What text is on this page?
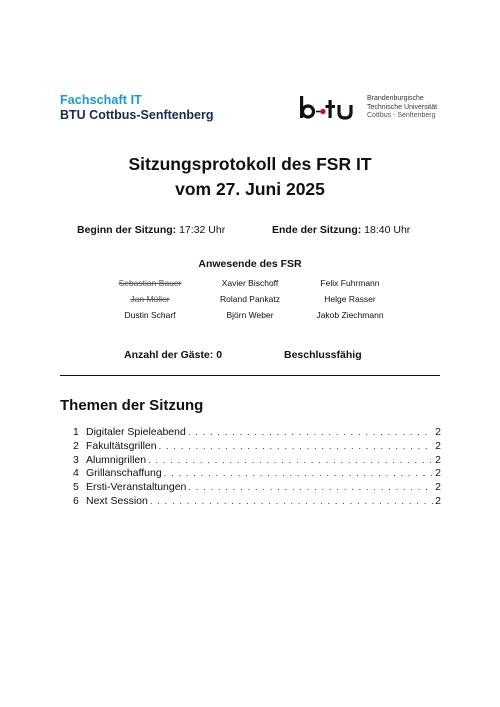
Fachschaft IT
BTU Cottbus-Senftenberg
Brandenburgische
Technische Universität
Cottbus - Senftenberg
Sitzungsprotokoll des FSR IT
vom 27. Juni 2025
Beginn der Sitzung: 17:32 Uhr	Ende der Sitzung: 18:40 Uhr
Anwesende des FSR
Sebastian Bauer	Xavier Bischoff	Felix Fuhrmann
Jan Müller	Roland Pankatz	Helge Rasser
Dustin Scharf	Björn Weber	Jakob Ziechmann
Anzahl der Gäste: 0	Beschlussfähig
Themen der Sitzung
1 Digitaler Spieleabend . . .	2
2 Fakultätsgrillen . . .	2
3 Alumnigrillen . . .	2
4 Grillanschaffung . . .	2
5 Ersti-Veranstaltungen . . .	2
6 Next Session . . .	2
